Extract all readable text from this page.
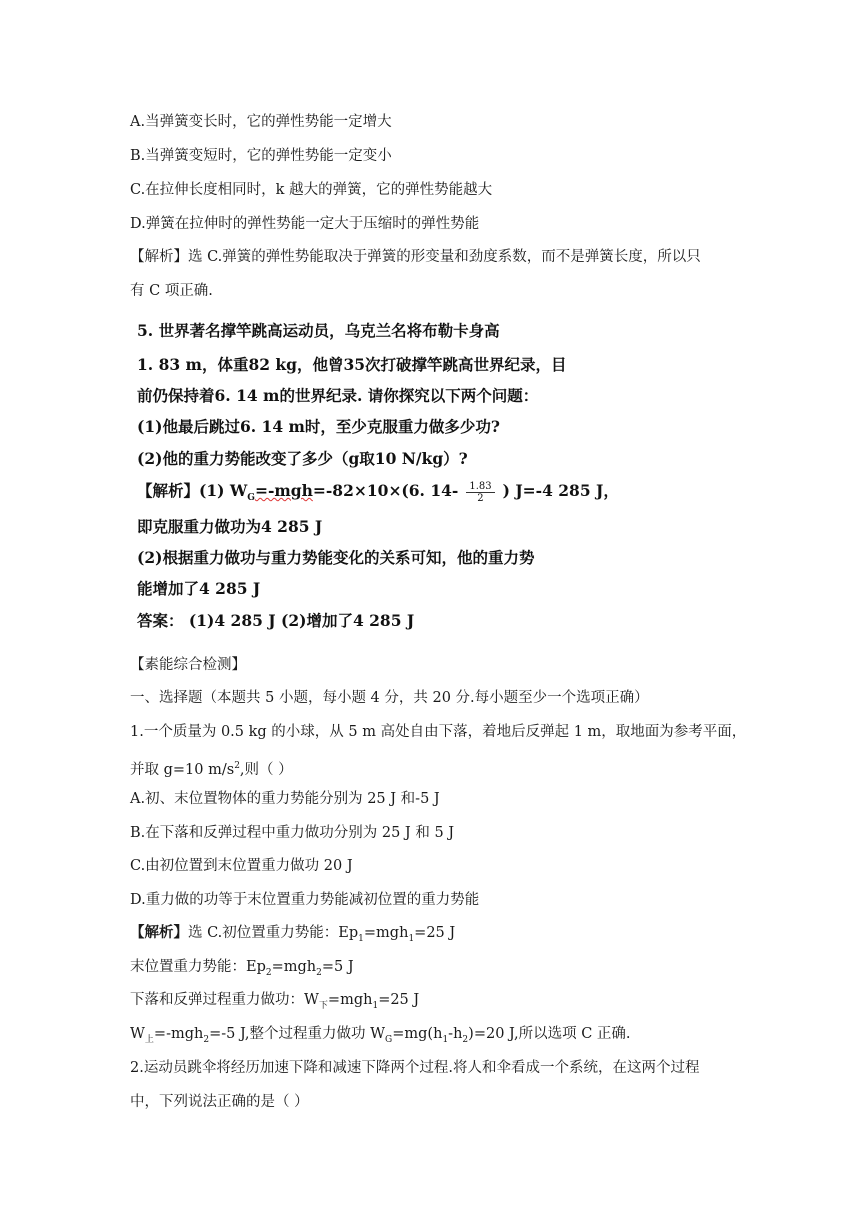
A.当弹簧变长时，它的弹性势能一定增大
B.当弹簧变短时，它的弹性势能一定变小
C.在拉伸长度相同时，k 越大的弹簧，它的弹性势能越大
D.弹簧在拉伸时的弹性势能一定大于压缩时的弹性势能
【解析】选 C.弹簧的弹性势能取决于弹簧的形变量和劲度系数，而不是弹簧长度，所以只
有 C 项正确.
5. 世界著名撑竿跳高运动员，乌克兰名将布勒卡身高
1. 83 m，体重82 kg，他曾35次打破撑竿跳高世界纪录，目
前仍保持着6. 14 m的世界纪录. 请你探究以下两个问题：
(1)他最后跳过6. 14 m时，至少克服重力做多少功?
(2)他的重力势能改变了多少（g取10 N/kg）?
【解析】(1) $W_G=-mgh=-82\times 10\times(6$. $14- \frac{1.83}{2}$ ) J=-4 285 J，
即克服重力做功为4 285 J
(2)根据重力做功与重力势能变化的关系可知，他的重力势
能增加了4 285 J
答案： (1)4 285 J (2)增加了4 285 J
【素能综合检测】
一、选择题（本题共 5 小题，每小题 4 分，共 20 分.每小题至少一个选项正确）
1.一个质量为 0.5 kg 的小球，从 5 m 高处自由下落，着地后反弹起 1 m，取地面为参考平面，
并取 g=10 $m/s^2$,则（ ）
A.初、末位置物体的重力势能分别为 25 J 和-5 J
B.在下落和反弹过程中重力做功分别为 25 J 和 5 J
C.由初位置到末位置重力做功 20 J
D.重力做的功等于末位置重力势能减初位置的重力势能
【解析】选 C.初位置重力势能：$Ep_1=mgh_1=25$ J
末位置重力势能：$Ep_2=mgh_2=5$ J
下落和反弹过程重力做功：$W_下=mgh_1=25$ J
$W_上=-mgh_2=-5$ J,整个过程重力做功 $W_G=mg(h_1-h_2)=20$ J,所以选项 C 正确.
2.运动员跳伞将经历加速下降和减速下降两个过程.将人和伞看成一个系统，在这两个过程
中，下列说法正确的是（ ）
